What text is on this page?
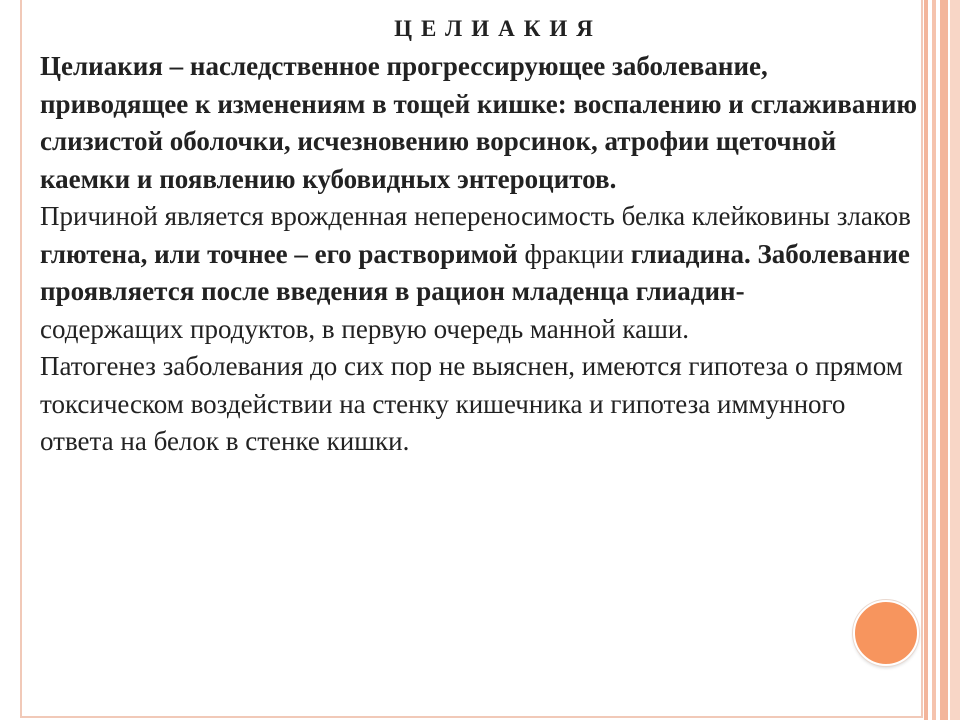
ЦЕЛИАКИЯ

Целиакия – наследственное прогрессирующее заболевание, приводящее к изменениям в тощей кишке: воспалению и сглаживанию слизистой оболочки, исчезновению ворсинок, атрофии щеточной каемки и появлению кубовидных энтероцитов.

Причиной является врожденная непереносимость белка клейковины злаков глютена, или точнее – его растворимой фракции глиадина. Заболевание проявляется после введения в рацион младенца глиадин-
содержащих продуктов, в первую очередь манной каши.

Патогенез заболевания до сих пор не выяснен, имеются гипотеза о прямом токсическом воздействии на стенку кишечника и гипотеза иммунного ответа на белок в стенке кишки.
